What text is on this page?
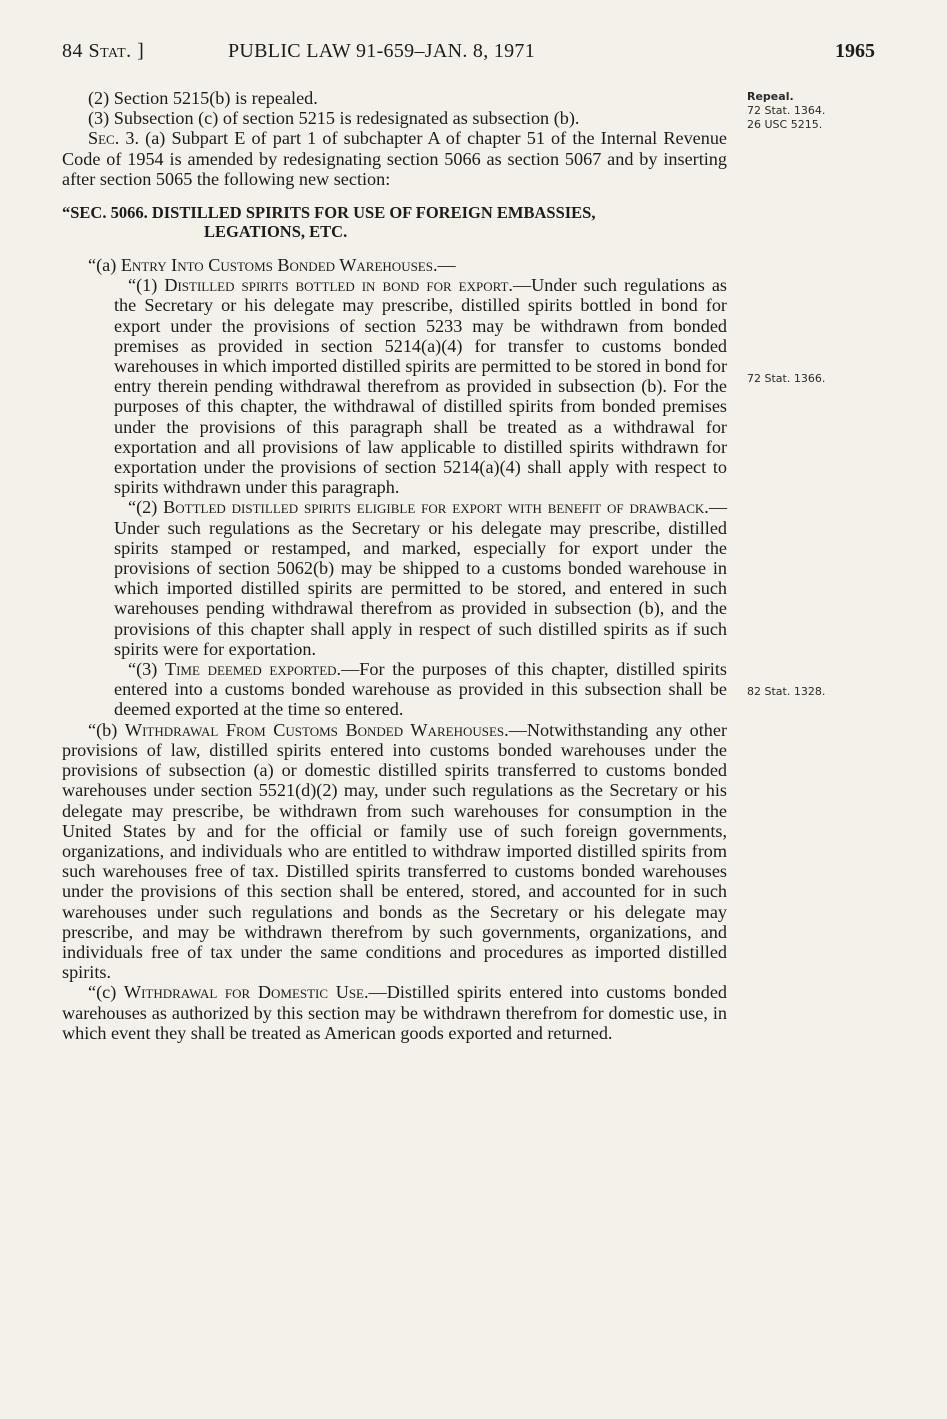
84 Stat. ]	PUBLIC LAW 91-659–JAN. 8, 1971	1965
Repeal.
72 Stat. 1364.
26 USC 5215.
72 Stat. 1366.
82 Stat. 1328.

(2) Section 5215(b) is repealed.

(3) Subsection (c) of section 5215 is redesignated as subsection (b).

Sec. 3. (a) Subpart E of part 1 of subchapter A of chapter 51 of the Internal Revenue Code of 1954 is amended by redesignating section 5066 as section 5067 and by inserting after section 5065 the following new section:

“SEC. 5066. DISTILLED SPIRITS FOR USE OF FOREIGN EMBASSIES,
LEGATIONS, ETC.

“(a) Entry Into Customs Bonded Warehouses.—

“(1) Distilled spirits bottled in bond for export.—Under such regulations as the Secretary or his delegate may prescribe, distilled spirits bottled in bond for export under the provisions of section 5233 may be withdrawn from bonded premises as provided in section 5214(a)(4) for transfer to customs bonded warehouses in which imported distilled spirits are permitted to be stored in bond for entry therein pending withdrawal therefrom as provided in subsection (b). For the purposes of this chapter, the withdrawal of distilled spirits from bonded premises under the provisions of this paragraph shall be treated as a withdrawal for exportation and all provisions of law applicable to distilled spirits withdrawn for exportation under the provisions of section 5214(a)(4) shall apply with respect to spirits withdrawn under this paragraph.

“(2) Bottled distilled spirits eligible for export with benefit of drawback.—Under such regulations as the Secretary or his delegate may prescribe, distilled spirits stamped or restamped, and marked, especially for export under the provisions of section 5062(b) may be shipped to a customs bonded warehouse in which imported distilled spirits are permitted to be stored, and entered in such warehouses pending withdrawal therefrom as provided in subsection (b), and the provisions of this chapter shall apply in respect of such distilled spirits as if such spirits were for exportation.

“(3) Time deemed exported.—For the purposes of this chapter, distilled spirits entered into a customs bonded warehouse as provided in this subsection shall be deemed exported at the time so entered.

“(b) Withdrawal From Customs Bonded Warehouses.—Notwithstanding any other provisions of law, distilled spirits entered into customs bonded warehouses under the provisions of subsection (a) or domestic distilled spirits transferred to customs bonded warehouses under section 5521(d)(2) may, under such regulations as the Secretary or his delegate may prescribe, be withdrawn from such warehouses for consumption in the United States by and for the official or family use of such foreign governments, organizations, and individuals who are entitled to withdraw imported distilled spirits from such warehouses free of tax. Distilled spirits transferred to customs bonded warehouses under the provisions of this section shall be entered, stored, and accounted for in such warehouses under such regulations and bonds as the Secretary or his delegate may prescribe, and may be withdrawn therefrom by such governments, organizations, and individuals free of tax under the same conditions and procedures as imported distilled spirits.

“(c) Withdrawal for Domestic Use.—Distilled spirits entered into customs bonded warehouses as authorized by this section may be withdrawn therefrom for domestic use, in which event they shall be treated as American goods exported and returned.
